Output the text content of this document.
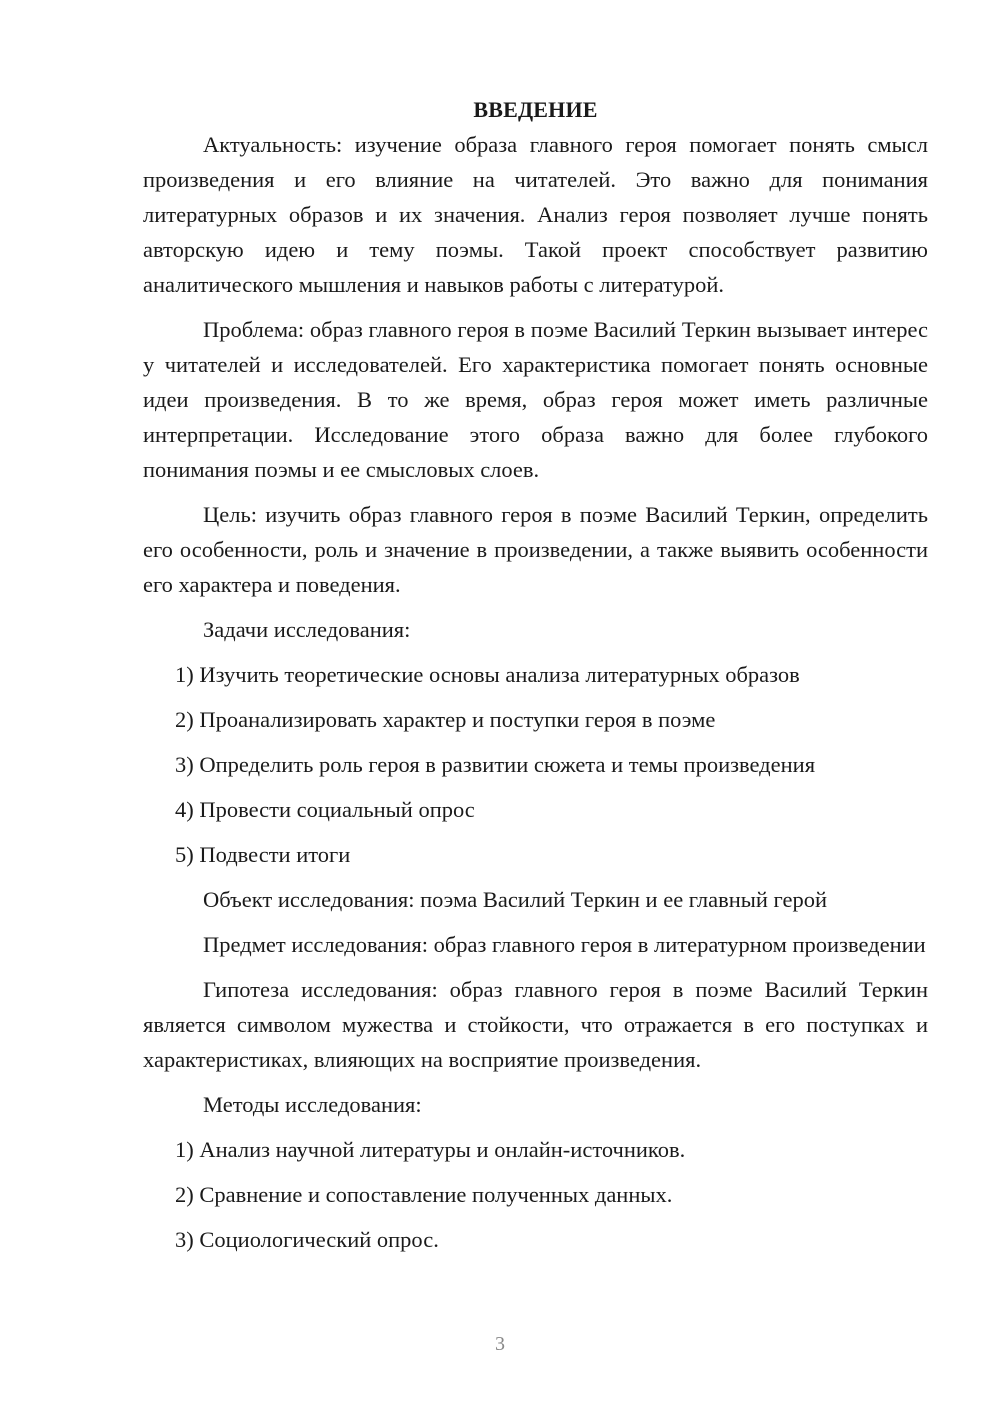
ВВЕДЕНИЕ

Актуальность: изучение образа главного героя помогает понять смысл произведения и его влияние на читателей. Это важно для понимания литературных образов и их значения. Анализ героя позволяет лучше понять авторскую идею и тему поэмы. Такой проект способствует развитию аналитического мышления и навыков работы с литературой.

Проблема: образ главного героя в поэме Василий Теркин вызывает интерес у читателей и исследователей. Его характеристика помогает понять основные идеи произведения. В то же время, образ героя может иметь различные интерпретации. Исследование этого образа важно для более глубокого понимания поэмы и ее смысловых слоев.

Цель: изучить образ главного героя в поэме Василий Теркин, определить его особенности, роль и значение в произведении, а также выявить особенности его характера и поведения.

Задачи исследования:

1) Изучить теоретические основы анализа литературных образов

2) Проанализировать характер и поступки героя в поэме

3) Определить роль героя в развитии сюжета и темы произведения

4) Провести социальный опрос

5) Подвести итоги

Объект исследования: поэма Василий Теркин и ее главный герой

Предмет исследования: образ главного героя в литературном произведении

Гипотеза исследования: образ главного героя в поэме Василий Теркин является символом мужества и стойкости, что отражается в его поступках и характеристиках, влияющих на восприятие произведения.

Методы исследования:

1) Анализ научной литературы и онлайн-источников.

2) Сравнение и сопоставление полученных данных.

3) Социологический опрос.

3
